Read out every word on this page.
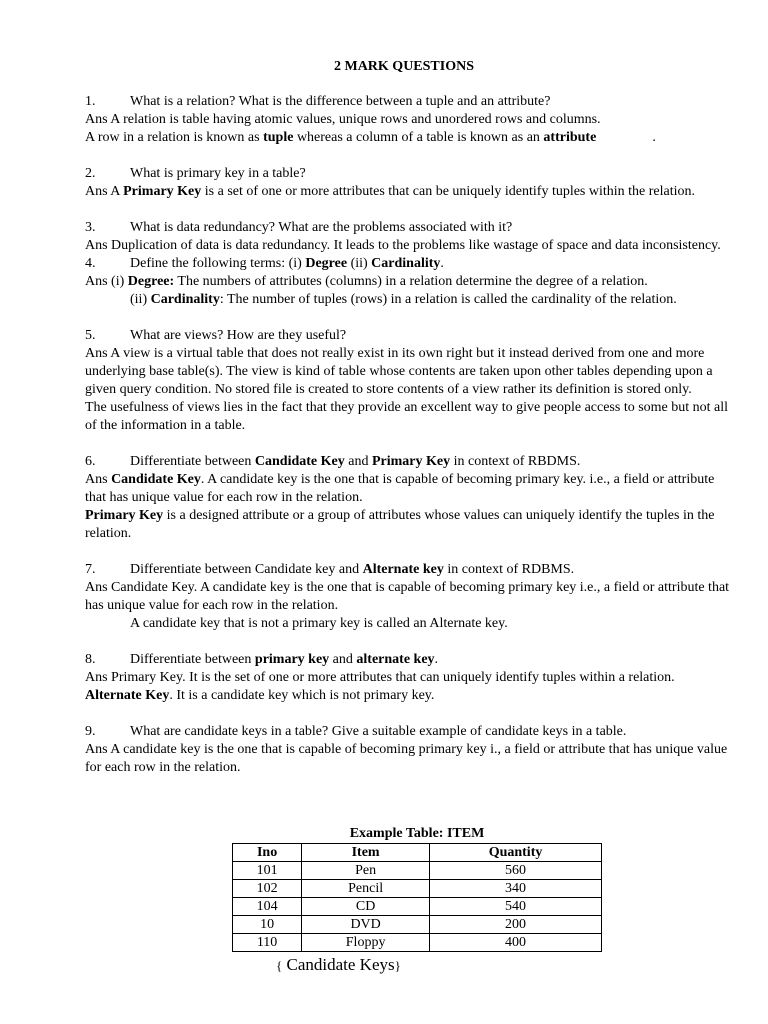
2 MARK QUESTIONS
1. What is a relation? What is the difference between a tuple and an attribute?
Ans A relation is table having atomic values, unique rows and unordered rows and columns.
A row in a relation is known as tuple whereas a column of a table is known as an attribute	.
2. What is primary key in a table?
Ans A Primary Key is a set of one or more attributes that can be uniquely identify tuples within the relation.
3. What is data redundancy? What are the problems associated with it?
Ans Duplication of data is data redundancy. It leads to the problems like wastage of space and data inconsistency.
4. Define the following terms: (i) Degree (ii) Cardinality.
Ans (i) Degree: The numbers of attributes (columns) in a relation determine the degree of a relation.
(ii) Cardinality: The number of tuples (rows) in a relation is called the cardinality of the relation.
5. What are views? How are they useful?
Ans A view is a virtual table that does not really exist in its own right but it instead derived from one and more underlying base table(s). The view is kind of table whose contents are taken upon other tables depending upon a given query condition. No stored file is created to store contents of a view rather its definition is stored only.
The usefulness of views lies in the fact that they provide an excellent way to give people access to some but not all of the information in a table.
6. Differentiate between Candidate Key and Primary Key in context of RBDMS.
Ans Candidate Key. A candidate key is the one that is capable of becoming primary key. i.e., a field or attribute that has unique value for each row in the relation.
Primary Key is a designed attribute or a group of attributes whose values can uniquely identify the tuples in the relation.
7. Differentiate between Candidate key and Alternate key in context of RDBMS.
Ans Candidate Key. A candidate key is the one that is capable of becoming primary key i.e., a field or attribute that has unique value for each row in the relation.
A candidate key that is not a primary key is called an Alternate key.
8. Differentiate between primary key and alternate key.
Ans Primary Key. It is the set of one or more attributes that can uniquely identify tuples within a relation.
Alternate Key. It is a candidate key which is not primary key.
9. What are candidate keys in a table? Give a suitable example of candidate keys in a table.
Ans A candidate key is the one that is capable of becoming primary key i., a field or attribute that has unique value for each row in the relation.
Example Table: ITEM
Ino	Item	Quantity
101	Pen	560
102	Pencil	340
104	CD	540
10	DVD	200
110	Floppy	400
{ Candidate Keys}
